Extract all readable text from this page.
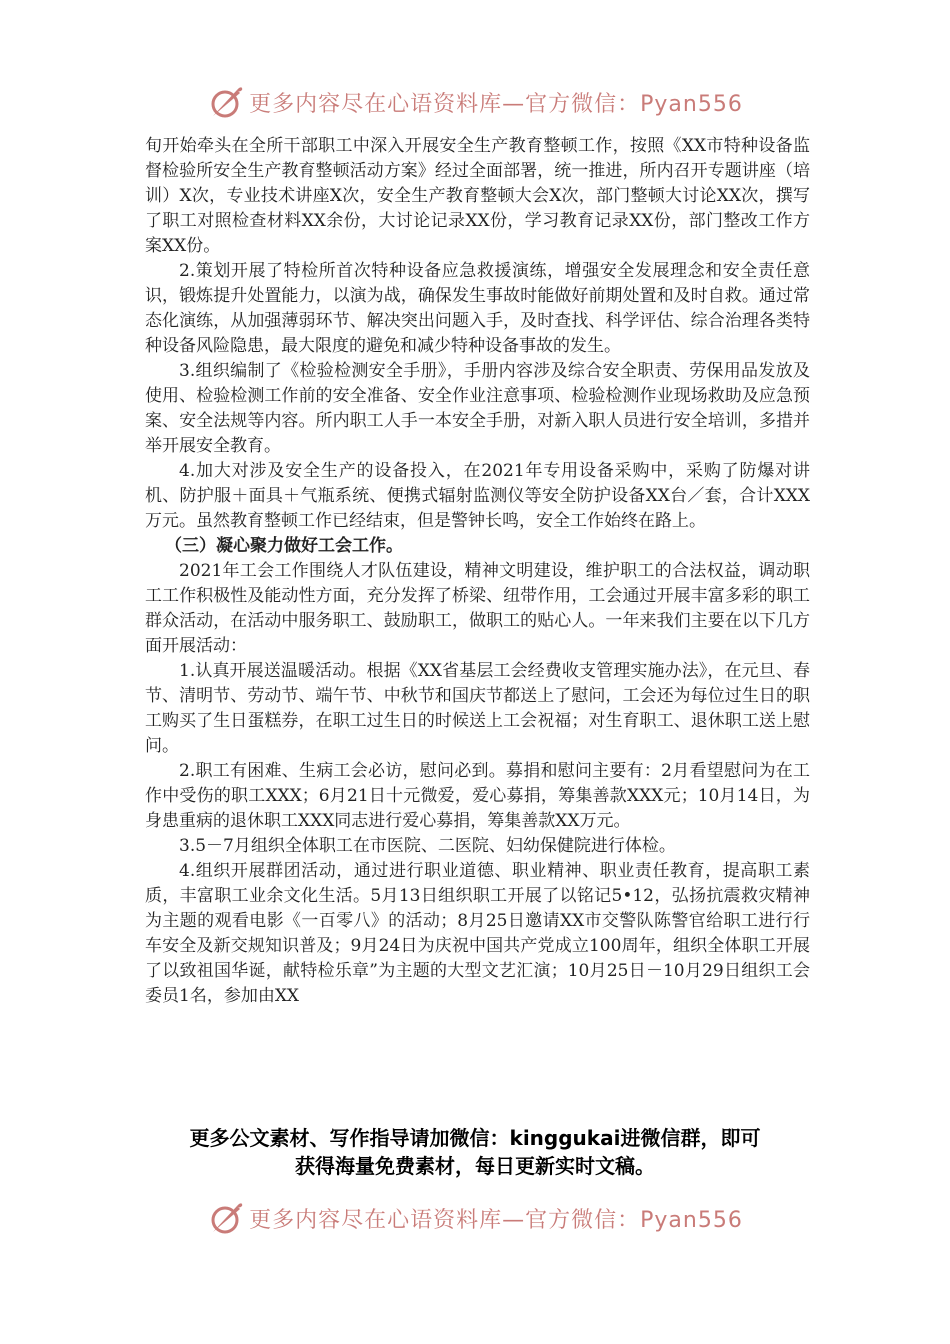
更多内容尽在心语资料库—官方微信：Pyan556

旬开始牵头在全所干部职工中深入开展安全生产教育整顿工作，按照《XX市特种设备监督检验所安全生产教育整顿活动方案》经过全面部署，统一推进，所内召开专题讲座（培训）X次，专业技术讲座X次，安全生产教育整顿大会X次，部门整顿大讨论XX次，撰写了职工对照检查材料XX余份，大讨论记录XX份，学习教育记录XX份，部门整改工作方案XX份。

2.策划开展了特检所首次特种设备应急救援演练，增强安全发展理念和安全责任意识，锻炼提升处置能力，以演为战，确保发生事故时能做好前期处置和及时自救。通过常态化演练，从加强薄弱环节、解决突出问题入手，及时查找、科学评估、综合治理各类特种设备风险隐患，最大限度的避免和减少特种设备事故的发生。

3.组织编制了《检验检测安全手册》，手册内容涉及综合安全职责、劳保用品发放及使用、检验检测工作前的安全准备、安全作业注意事项、检验检测作业现场救助及应急预案、安全法规等内容。所内职工人手一本安全手册，对新入职人员进行安全培训，多措并举开展安全教育。

4.加大对涉及安全生产的设备投入，在2021年专用设备采购中，采购了防爆对讲机、防护服＋面具＋气瓶系统、便携式辐射监测仪等安全防护设备XX台／套，合计XXX万元。虽然教育整顿工作已经结束，但是警钟长鸣，安全工作始终在路上。

（三）凝心聚力做好工会工作。

2021年工会工作围绕人才队伍建设，精神文明建设，维护职工的合法权益，调动职工工作积极性及能动性方面，充分发挥了桥梁、纽带作用，工会通过开展丰富多彩的职工群众活动，在活动中服务职工、鼓励职工，做职工的贴心人。一年来我们主要在以下几方面开展活动：

1.认真开展送温暖活动。根据《XX省基层工会经费收支管理实施办法》，在元旦、春节、清明节、劳动节、端午节、中秋节和国庆节都送上了慰问，工会还为每位过生日的职工购买了生日蛋糕券，在职工过生日的时候送上工会祝福；对生育职工、退休职工送上慰问。

2.职工有困难、生病工会必访，慰问必到。募捐和慰问主要有：2月看望慰问为在工作中受伤的职工XXX；6月21日十元微爱，爱心募捐，筹集善款XXX元；10月14日，为身患重病的退休职工XXX同志进行爱心募捐，筹集善款XX万元。

3.5－7月组织全体职工在市医院、二医院、妇幼保健院进行体检。

4.组织开展群团活动，通过进行职业道德、职业精神、职业责任教育，提高职工素质，丰富职工业余文化生活。5月13日组织职工开展了以铭记5•12，弘扬抗震救灾精神为主题的观看电影《一百零八》的活动；8月25日邀请XX市交警队陈警官给职工进行行车安全及新交规知识普及；9月24日为庆祝中国共产党成立100周年，组织全体职工开展了以致祖国华诞，献特检乐章”为主题的大型文艺汇演；10月25日－10月29日组织工会委员1名，参加由XX

更多公文素材、写作指导请加微信：kinggukai进微信群，即可
获得海量免费素材，每日更新实时文稿。
更多内容尽在心语资料库—官方微信：Pyan556
